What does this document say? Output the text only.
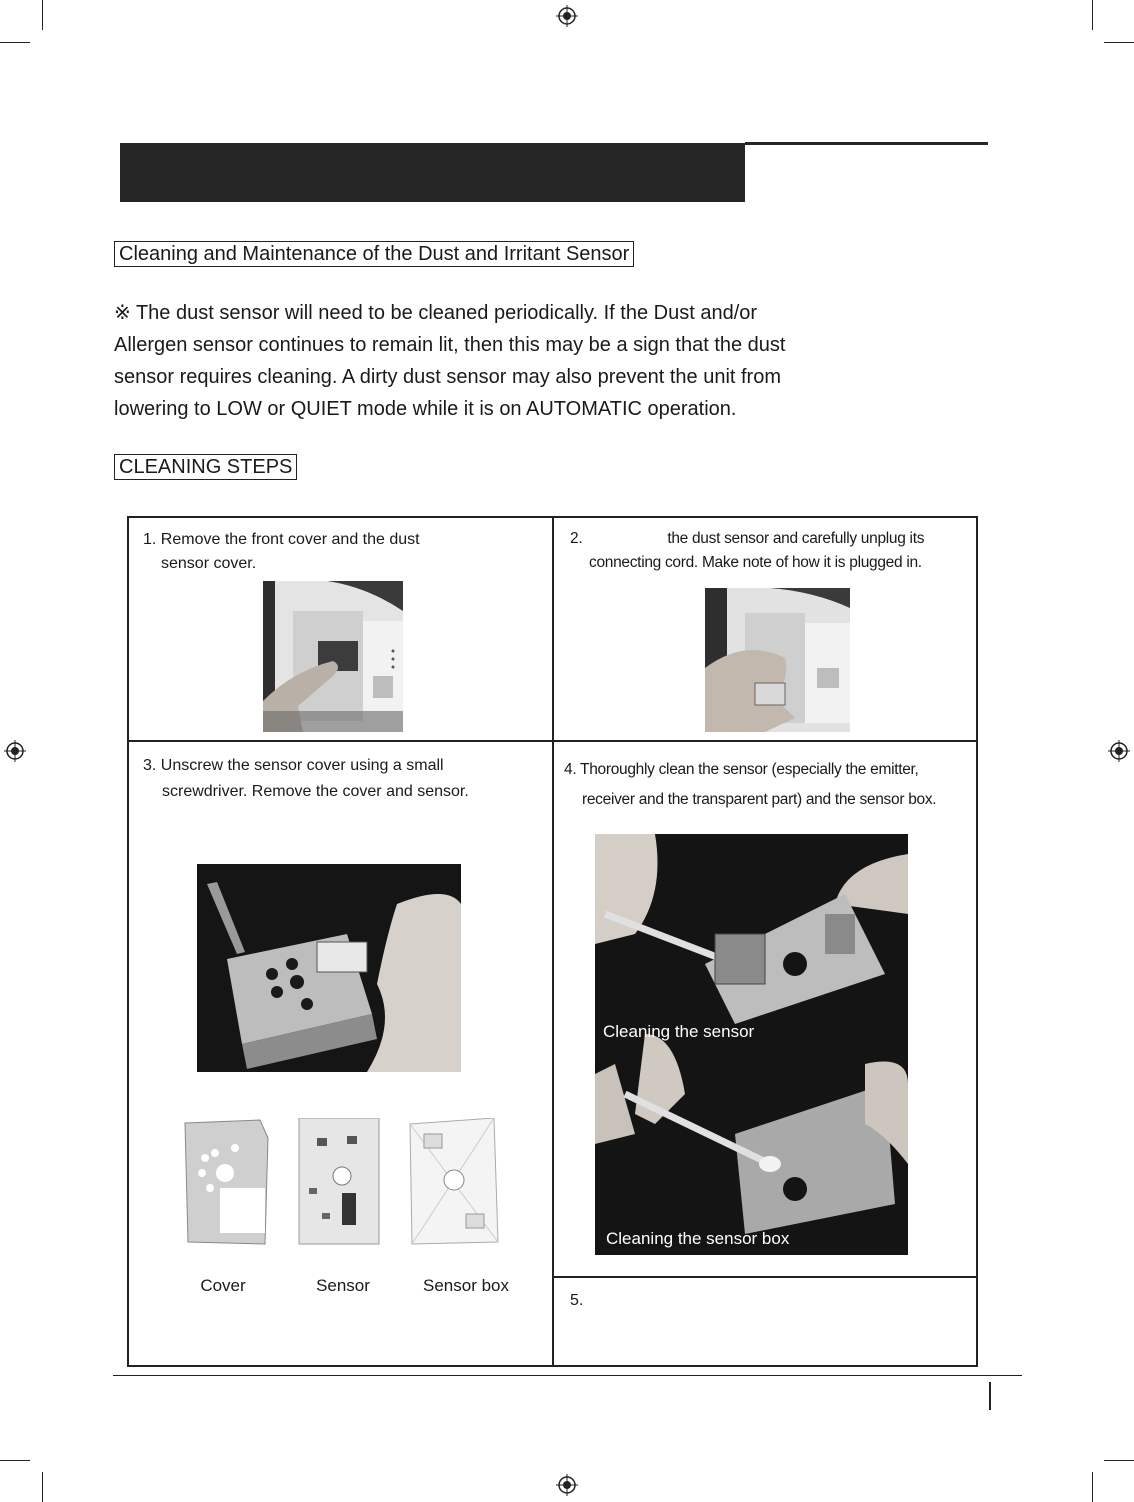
Cleaning and Maintenance of the Dust and Irritant Sensor

※ The dust sensor will need to be cleaned periodically. If the Dust and/or

Allergen sensor continues to remain lit, then this may be a sign that the dust

sensor requires cleaning. A dirty dust sensor may also prevent the unit from

lowering to LOW or QUIET mode while it is on AUTOMATIC operation.

CLEANING STEPS
1. Remove the front cover and the dust
sensor cover.
2.	the dust sensor and carefully unplug its
connecting cord. Make note of how it is plugged in.
3. Unscrew the sensor cover using a small
screwdriver. Remove the cover and sensor.
Cover	Sensor	Sensor box
4. Thoroughly clean the sensor (especially the emitter,
receiver and the transparent part) and the sensor box.
Cleaning the sensor
Cleaning the sensor box
5.
